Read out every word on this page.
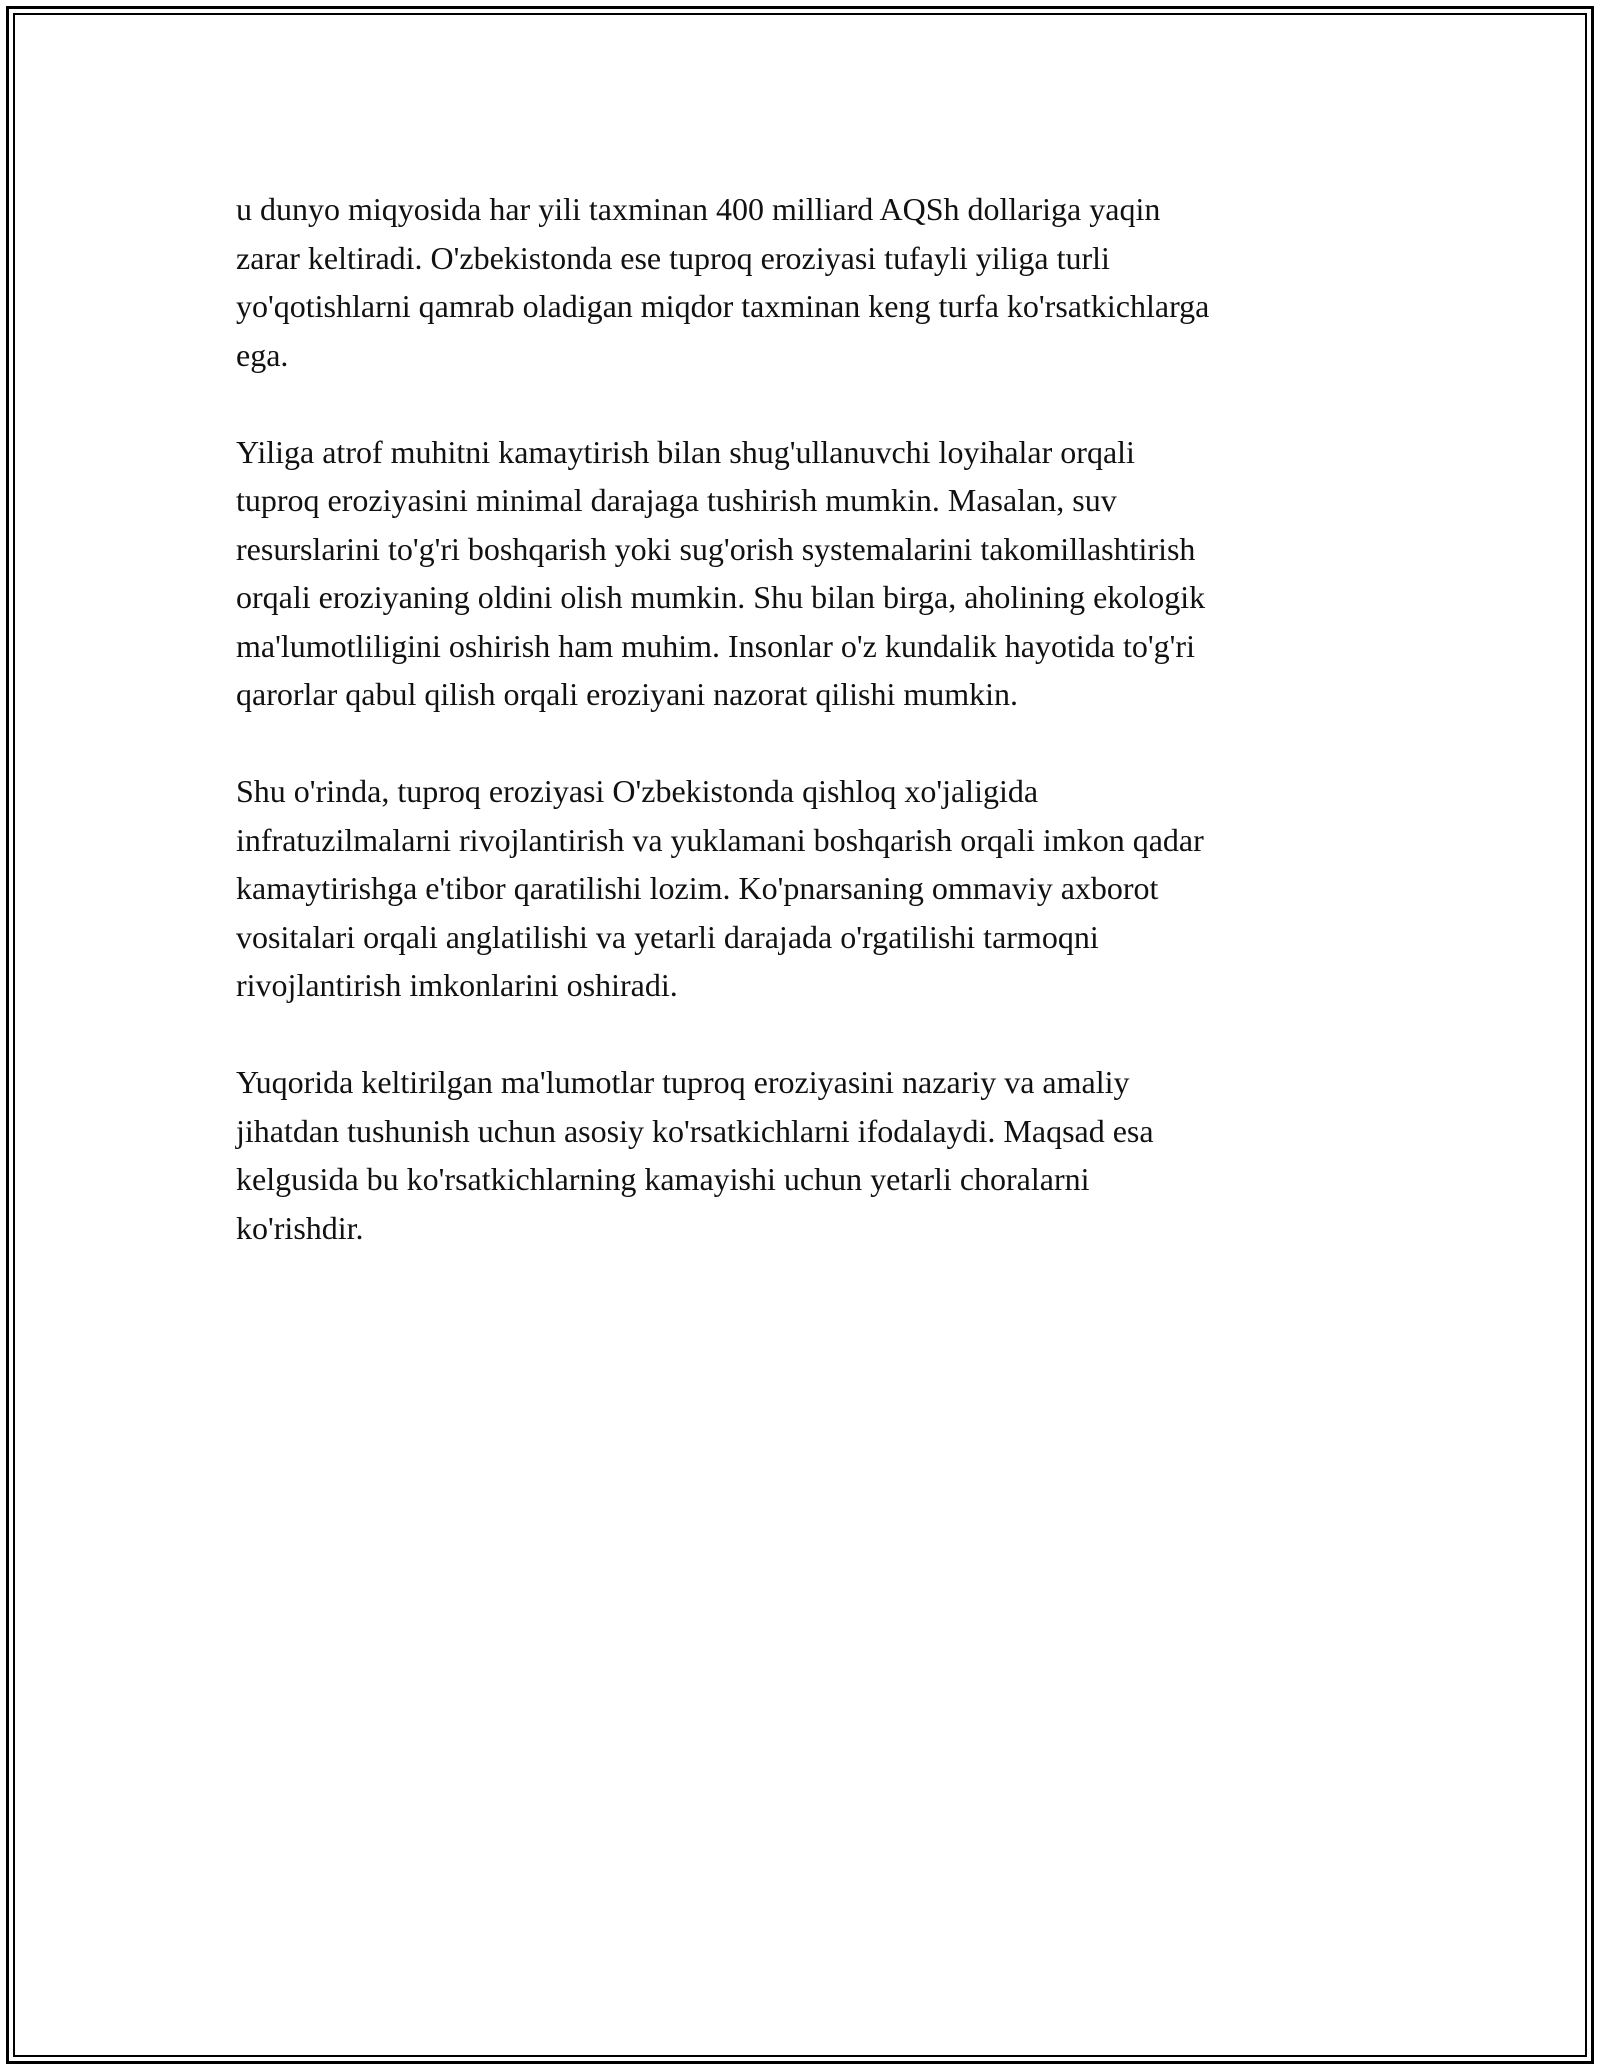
u dunyo miqyosida har yili taxminan 400 milliard AQSh dollariga yaqin
zarar keltiradi. O'zbekistonda ese tuproq eroziyasi tufayli yiliga turli
yo'qotishlarni qamrab oladigan miqdor taxminan keng turfa ko'rsatkichlarga
ega.

Yiliga atrof muhitni kamaytirish bilan shug'ullanuvchi loyihalar orqali
tuproq eroziyasini minimal darajaga tushirish mumkin. Masalan, suv
resurslarini to'g'ri boshqarish yoki sug'orish systemalarini takomillashtirish
orqali eroziyaning oldini olish mumkin. Shu bilan birga, aholining ekologik
ma'lumotliligini oshirish ham muhim. Insonlar o'z kundalik hayotida to'g'ri
qarorlar qabul qilish orqali eroziyani nazorat qilishi mumkin.

Shu o'rinda, tuproq eroziyasi O'zbekistonda qishloq xo'jaligida
infratuzilmalarni rivojlantirish va yuklamani boshqarish orqali imkon qadar
kamaytirishga e'tibor qaratilishi lozim. Ko'pnarsaning ommaviy axborot
vositalari orqali anglatilishi va yetarli darajada o'rgatilishi tarmoqni
rivojlantirish imkonlarini oshiradi.

Yuqorida keltirilgan ma'lumotlar tuproq eroziyasini nazariy va amaliy
jihatdan tushunish uchun asosiy ko'rsatkichlarni ifodalaydi. Maqsad esa
kelgusida bu ko'rsatkichlarning kamayishi uchun yetarli choralarni
ko'rishdir.
